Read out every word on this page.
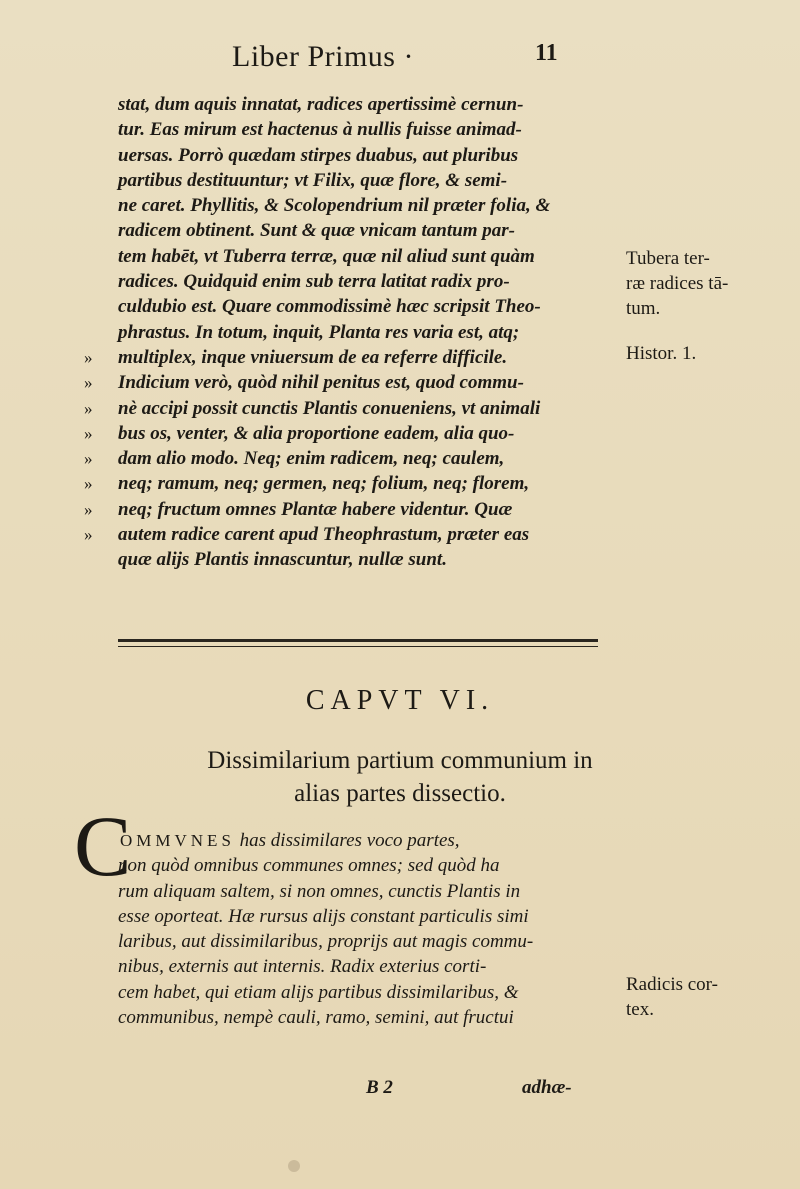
Liber Primus ·	11
stat, dum aquis innatat, radices apertissimè cernun-
tur. Eas mirum est hactenus à nullis fuisse animad-
uersas. Porrò quædam stirpes duabus, aut pluribus
partibus destituuntur; vt Filix, quæ flore, & semi-
ne caret. Phyllitis, & Scolopendrium nil præter folia, &
radicem obtinent. Sunt & quæ vnicam tantum par-
tem habēt, vt Tuberra terræ, quæ nil aliud sunt quàm
radices. Quidquid enim sub terra latitat radix pro-
culdubio est. Quare commodissimè hæc scripsit Theo-
phrastus. In totum, inquit, Planta res varia est, atq;
multiplex, inque vniuersum de ea referre difficile.
Indicium verò, quòd nihil penitus est, quod commu-
nè accipi possit cunctis Plantis conueniens, vt animali
bus os, venter, & alia proportione eadem, alia quo-
dam alio modo. Neq; enim radicem, neq; caulem,
neq; ramum, neq; germen, neq; folium, neq; florem,
neq; fructum omnes Plantæ habere videntur. Quæ
autem radice carent apud Theophrastum, præter eas
quæ alijs Plantis innascuntur, nullæ sunt.
»
»
»
»
»
»
»
»
Tubera ter-
ræ radices tā-
tum.
Histor. 1.
Radicis cor-
tex.
CAPVT VI.
Dissimilarium partium communium in
alias partes dissectio.
C
OMMVNES has dissimilares voco partes,
non quòd omnibus communes omnes; sed quòd ha
rum aliquam saltem, si non omnes, cunctis Plantis in
esse oporteat. Hæ rursus alijs constant particulis simi
laribus, aut dissimilaribus, proprijs aut magis commu-
nibus, externis aut internis. Radix exterius corti-
cem habet, qui etiam alijs partibus dissimilaribus, &
communibus, nempè cauli, ramo, semini, aut fructui
B 2	adhæ-
